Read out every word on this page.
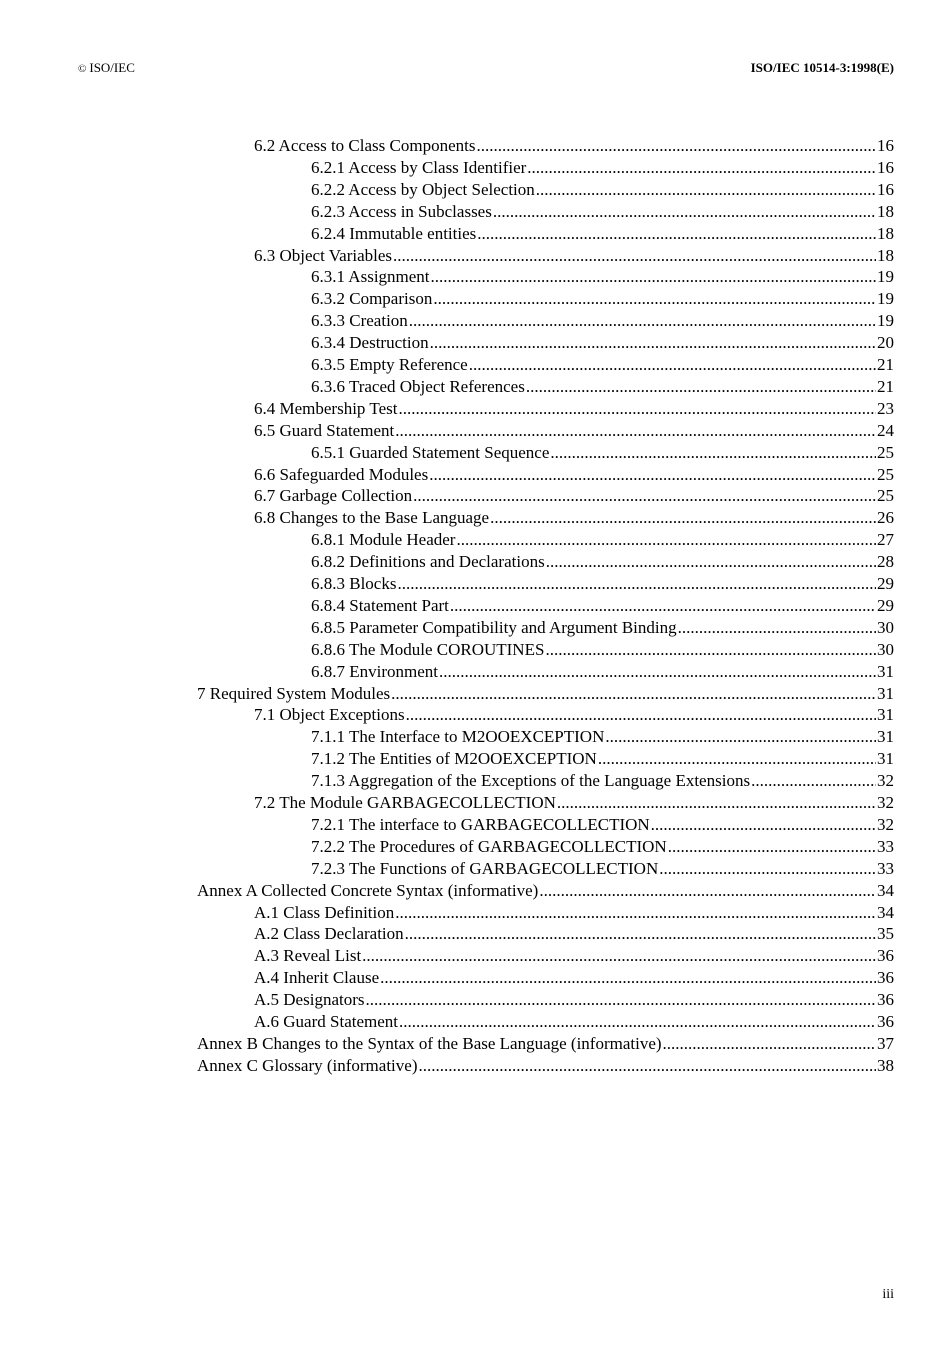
© ISO/IEC	ISO/IEC 10514-3:1998(E)
6.2 Access to Class Components .....	16
6.2.1 Access by Class Identifier .....	16
6.2.2 Access by Object Selection .....	16
6.2.3 Access in Subclasses .....	18
6.2.4 Immutable entities .....	18
6.3 Object Variables .....	18
6.3.1 Assignment .....	19
6.3.2 Comparison .....	19
6.3.3 Creation .....	19
6.3.4 Destruction .....	20
6.3.5 Empty Reference .....	21
6.3.6 Traced Object References .....	21
6.4 Membership Test .....	23
6.5 Guard Statement .....	24
6.5.1 Guarded Statement Sequence .....	25
6.6 Safeguarded Modules .....	25
6.7 Garbage Collection .....	25
6.8 Changes to the Base Language .....	26
6.8.1 Module Header .....	27
6.8.2 Definitions and Declarations .....	28
6.8.3 Blocks .....	29
6.8.4 Statement Part .....	29
6.8.5 Parameter Compatibility and Argument Binding .....	30
6.8.6 The Module COROUTINES .....	30
6.8.7 Environment .....	31
7 Required System Modules .....	31
7.1 Object Exceptions .....	31
7.1.1 The Interface to M2OOEXCEPTION .....	31
7.1.2 The Entities of M2OOEXCEPTION .....	31
7.1.3 Aggregation of the Exceptions of the Language Extensions .....	32
7.2 The Module GARBAGECOLLECTION .....	32
7.2.1 The interface to GARBAGECOLLECTION .....	32
7.2.2 The Procedures of GARBAGECOLLECTION .....	33
7.2.3 The Functions of GARBAGECOLLECTION .....	33
Annex A Collected Concrete Syntax (informative) .....	34
A.1 Class Definition .....	34
A.2 Class Declaration .....	35
A.3 Reveal List .....	36
A.4 Inherit Clause .....	36
A.5 Designators .....	36
A.6 Guard Statement .....	36
Annex B Changes to the Syntax of the Base Language (informative) .....	37
Annex C Glossary (informative) .....	38
iii
